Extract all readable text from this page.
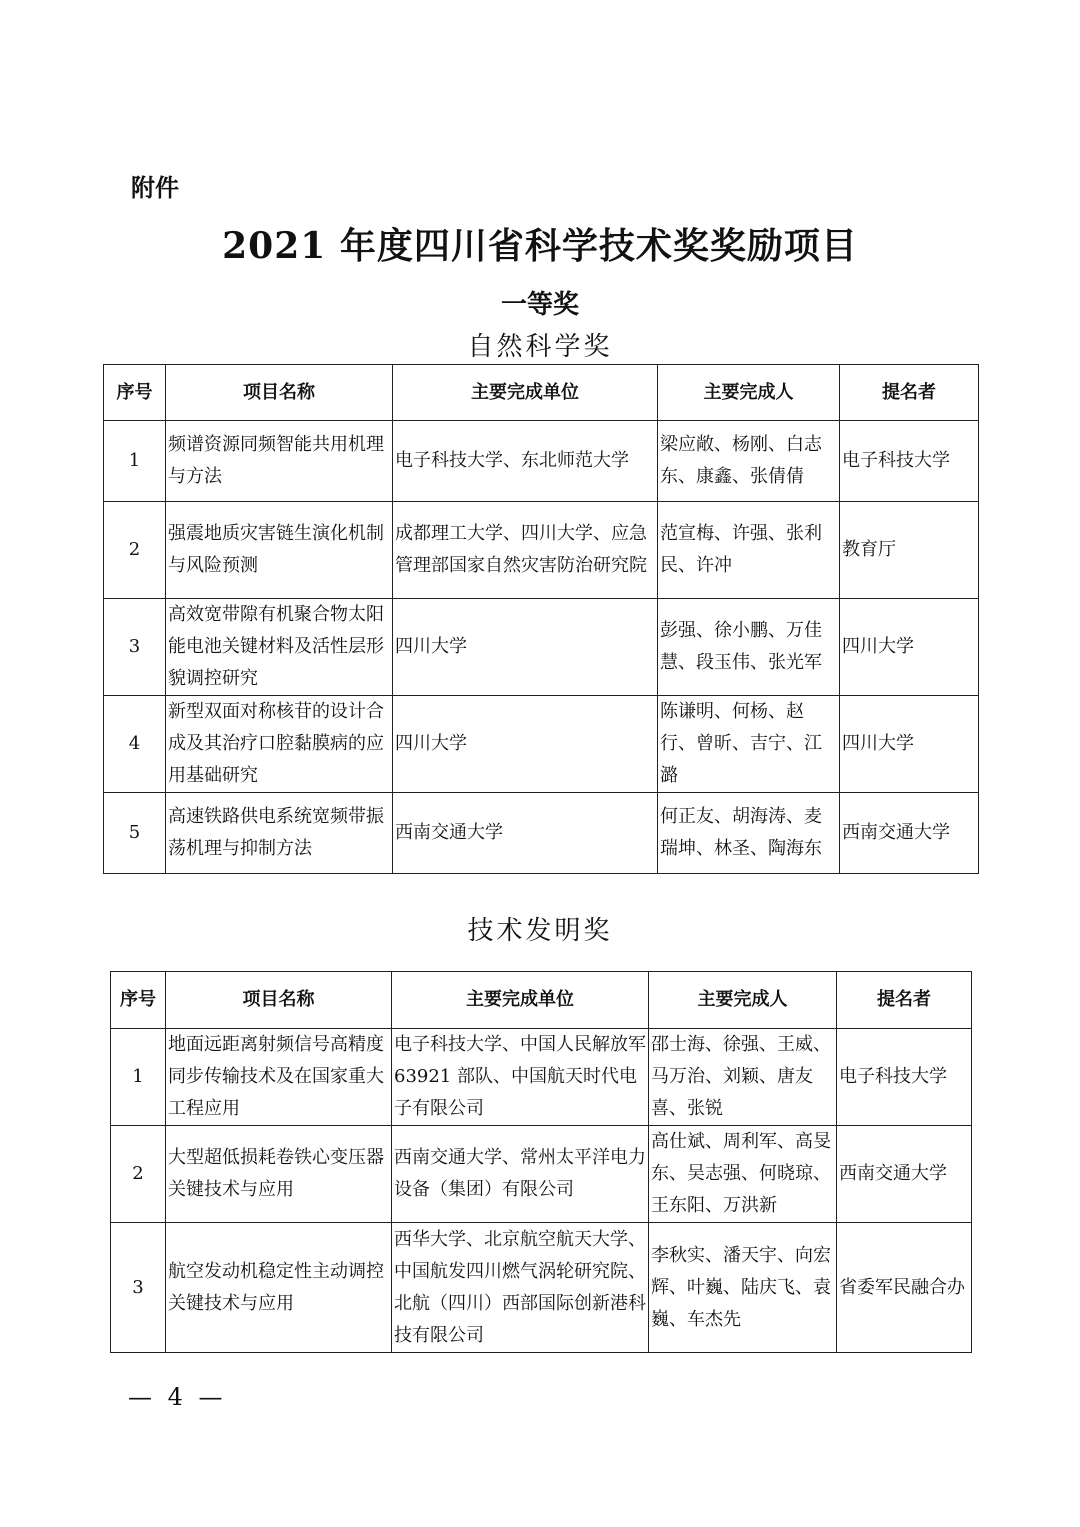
附件
2021 年度四川省科学技术奖奖励项目
一等奖
自然科学奖
序号	项目名称	主要完成单位	主要完成人	提名者
1	频谱资源同频智能共用机理与方法	电子科技大学、东北师范大学	梁应敞、杨刚、白志东、康鑫、张倩倩	电子科技大学
2	强震地质灾害链生演化机制与风险预测	成都理工大学、四川大学、应急管理部国家自然灾害防治研究院	范宣梅、许强、张利民、许冲	教育厅
3	高效宽带隙有机聚合物太阳能电池关键材料及活性层形貌调控研究	四川大学	彭强、徐小鹏、万佳慧、段玉伟、张光军	四川大学
4	新型双面对称核苷的设计合成及其治疗口腔黏膜病的应用基础研究	四川大学	陈谦明、何杨、赵行、曾昕、吉宁、江潞	四川大学
5	高速铁路供电系统宽频带振荡机理与抑制方法	西南交通大学	何正友、胡海涛、麦瑞坤、林圣、陶海东	西南交通大学
技术发明奖
序号	项目名称	主要完成单位	主要完成人	提名者
1	地面远距离射频信号高精度同步传输技术及在国家重大工程应用	电子科技大学、中国人民解放军 63921 部队、中国航天时代电子有限公司	邵士海、徐强、王威、马万治、刘颖、唐友喜、张锐	电子科技大学
2	大型超低损耗卷铁心变压器关键技术与应用	西南交通大学、常州太平洋电力设备（集团）有限公司	高仕斌、周利军、高旻东、吴志强、何晓琼、王东阳、万洪新	西南交通大学
3	航空发动机稳定性主动调控关键技术与应用	西华大学、北京航空航天大学、中国航发四川燃气涡轮研究院、北航（四川）西部国际创新港科技有限公司	李秋实、潘天宇、向宏辉、叶巍、陆庆飞、袁巍、车杰先	省委军民融合办
— 4 —
